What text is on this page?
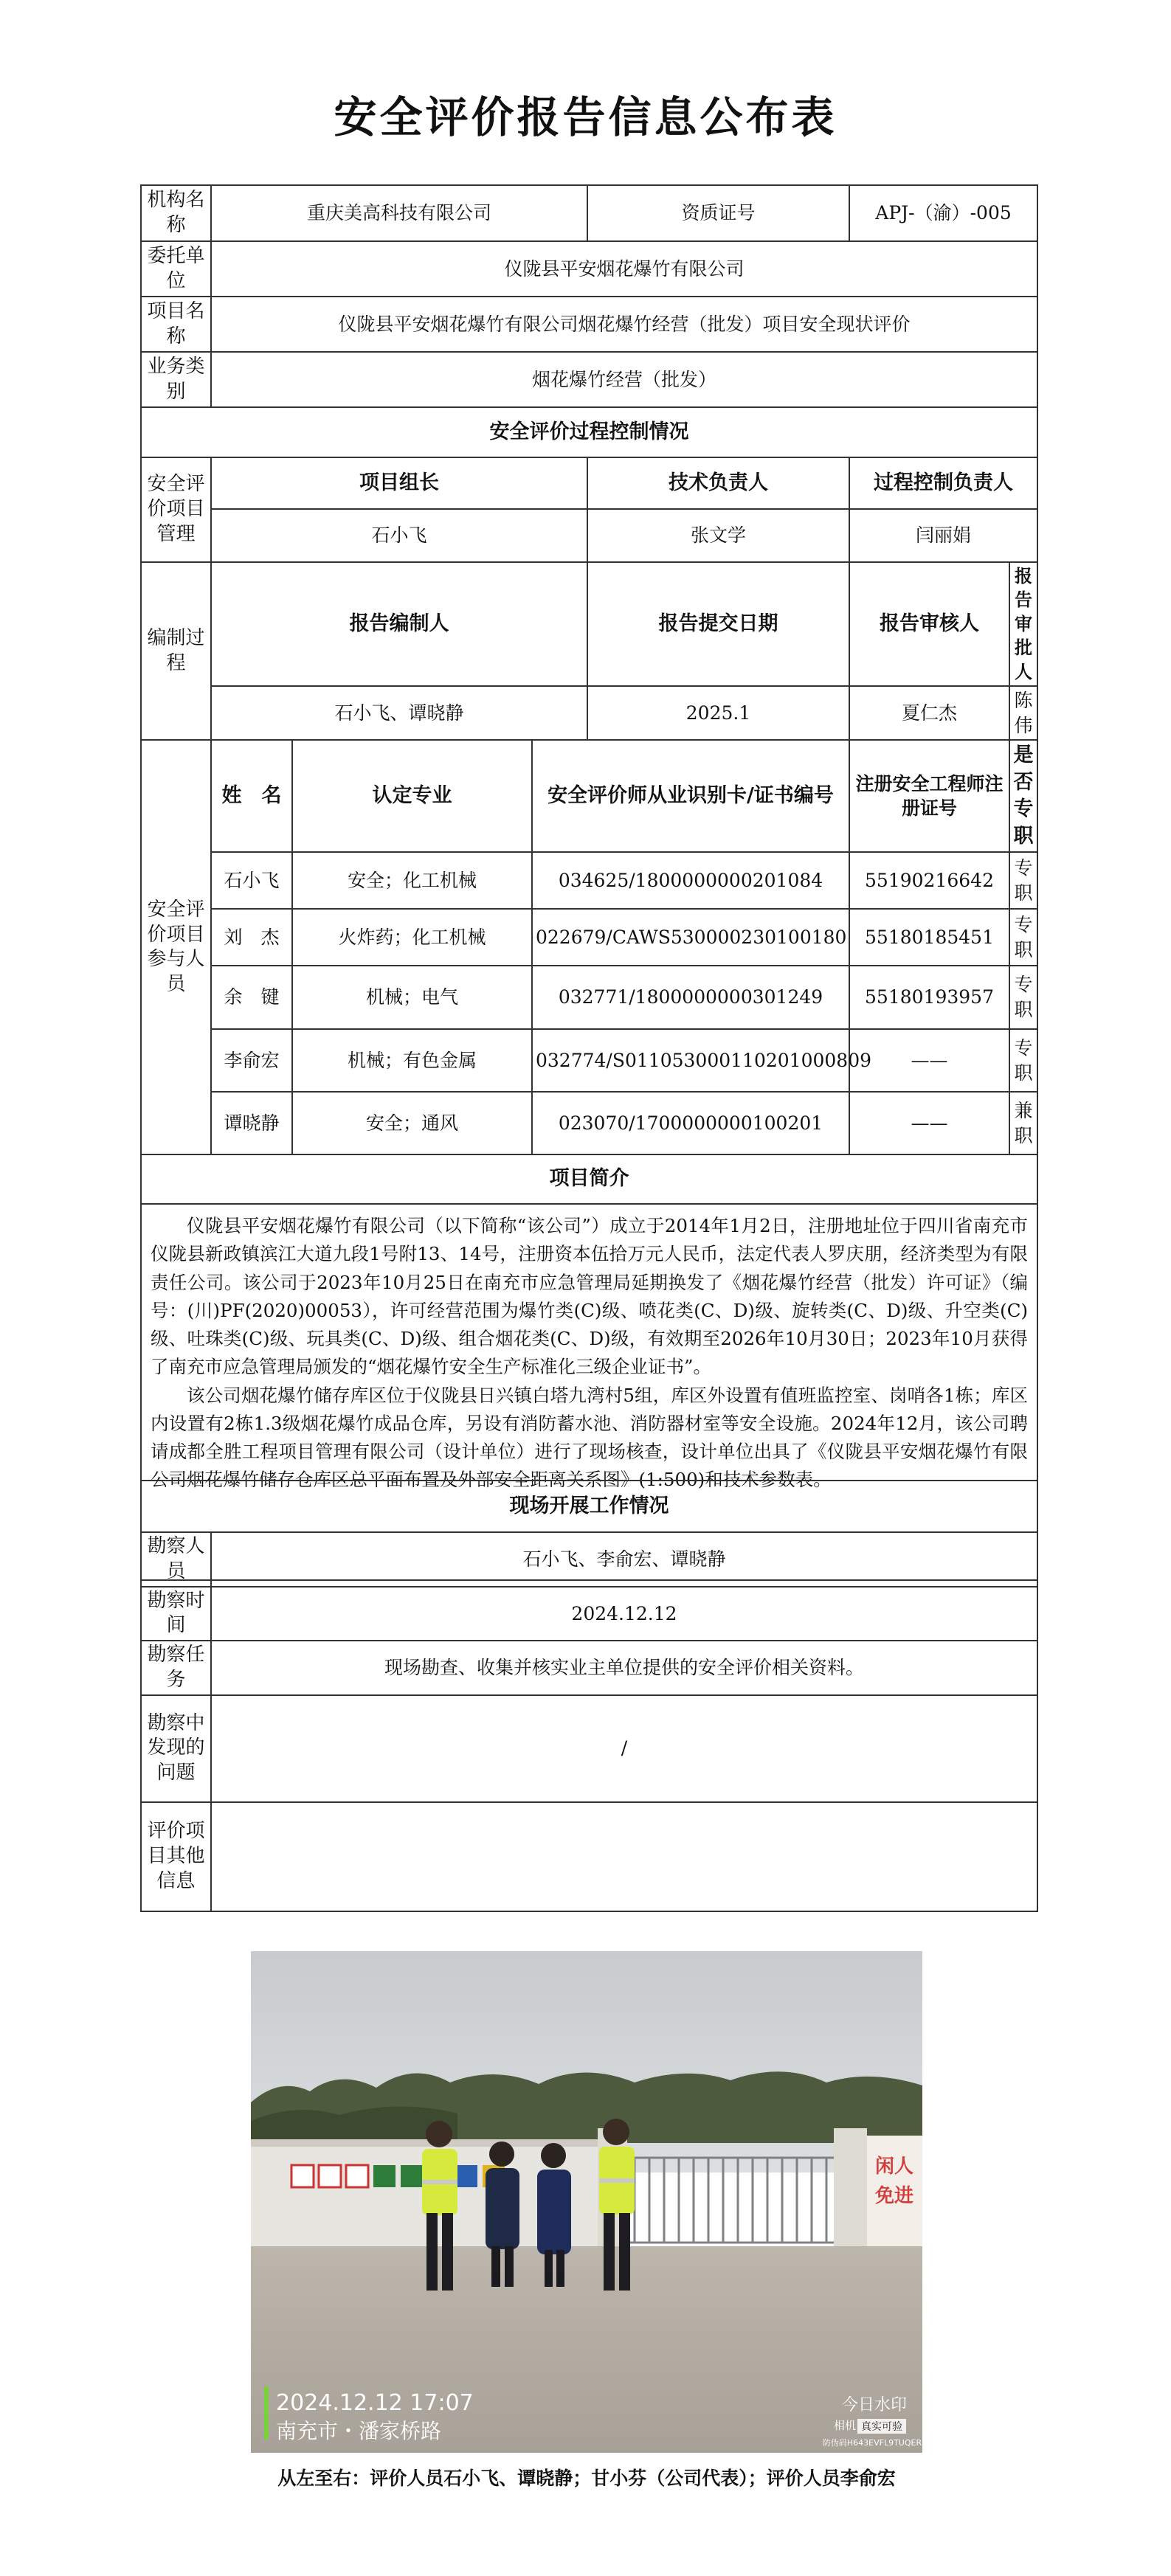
安全评价报告信息公布表
机构名称	重庆美高科技有限公司			资质证号	APJ-（渝）-005	
委托单位	仪陇县平安烟花爆竹有限公司					
项目名称	仪陇县平安烟花爆竹有限公司烟花爆竹经营（批发）项目安全现状评价					
业务类别	烟花爆竹经营（批发）					
安全评价过程控制情况						
安全评价项目管理	项目组长			技术负责人	过程控制负责人	
	石小飞			张文学	闫丽娟	
编制过程	报告编制人			报告提交日期	报告审核人	报告审批人
	石小飞、谭晓静			2025.1	夏仁杰	陈　伟
安全评价项目参与人员	姓　名	认定专业	安全评价师从业识别卡/证书编号		注册安全工程师注册证号	是否专职
	石小飞	安全；化工机械	034625/1800000000201084		55190216642	专　职
	刘　杰	火炸药；化工机械	022679/CAWS530000230100180		55180185451	专　职
	余　键	机械；电气	032771/1800000000301249		55180193957	专　职
	李俞宏	机械；有色金属	032774/S011053000110201000809		——	专　职
	谭晓静	安全；通风	023070/1700000000100201		——	兼　职
项目简介						

仪陇县平安烟花爆竹有限公司（以下简称“该公司”）成立于2014年1月2日，注册地址位于四川省南充市仪陇县新政镇滨江大道九段1号附13、14号，注册资本伍拾万元人民币，法定代表人罗庆朋，经济类型为有限责任公司。该公司于2023年10月25日在南充市应急管理局延期换发了《烟花爆竹经营（批发）许可证》（编号：(川)PF(2020)00053），许可经营范围为爆竹类(C)级、喷花类(C、D)级、旋转类(C、D)级、升空类(C)级、吐珠类(C)级、玩具类(C、D)级、组合烟花类(C、D)级，有效期至2026年10月30日；2023年10月获得了南充市应急管理局颁发的“烟花爆竹安全生产标准化三级企业证书”。

该公司烟花爆竹储存库区位于仪陇县日兴镇白塔九湾村5组，库区外设置有值班监控室、岗哨各1栋；库区内设置有2栋1.3级烟花爆竹成品仓库，另设有消防蓄水池、消防器材室等安全设施。2024年12月，该公司聘请成都全胜工程项目管理有限公司（设计单位）进行了现场核查，设计单位出具了《仪陇县平安烟花爆竹有限公司烟花爆竹储存仓库区总平面布置及外部安全距离关系图》(1:500)和技术参数表。						

现场开展工作情况	
勘察人员	石小飞、李俞宏、谭晓静
勘察时间	2024.12.12
勘察任务	现场勘查、收集并核实业主单位提供的安全评价相关资料。
勘察中发现的问题	/
评价项目其他信息	
闲人
免进
2024.12.12 17:07
南充市・潘家桥路
今日水印
相机 真实可验
防伪码H643EVFL9TUQER
从左至右：评价人员石小飞、谭晓静；甘小芬（公司代表）；评价人员李俞宏
